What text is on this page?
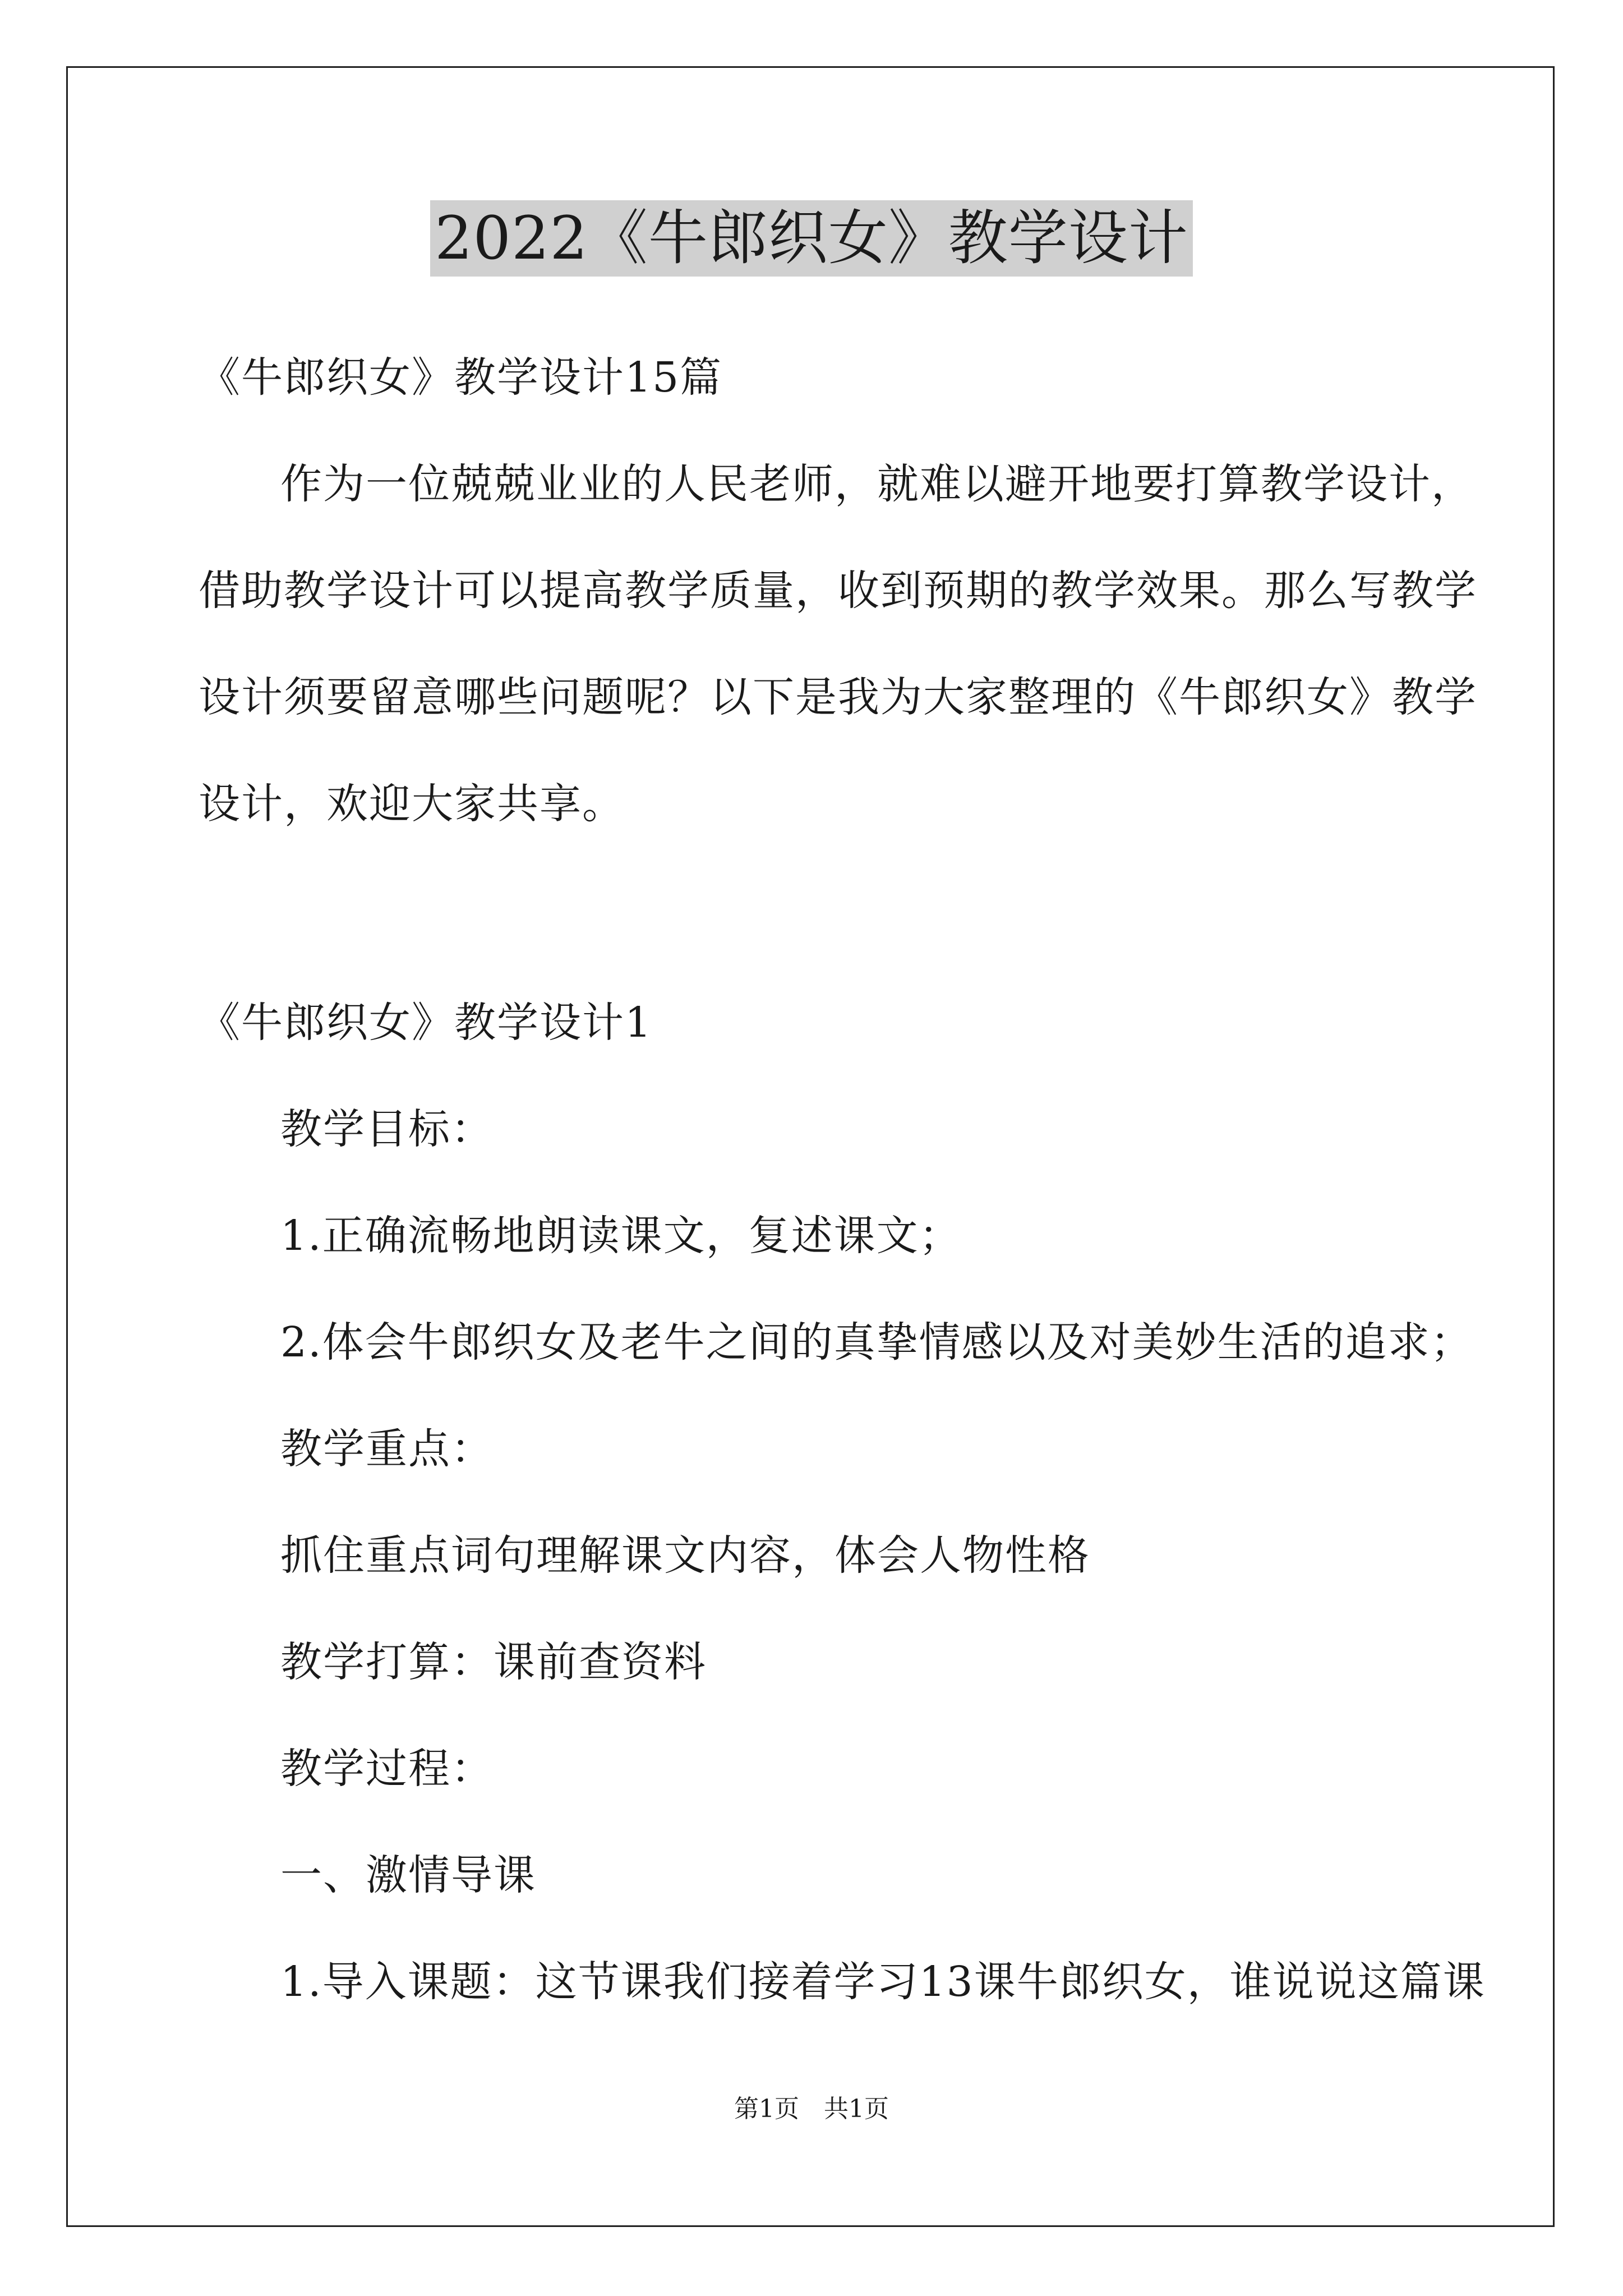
2022《牛郎织女》教学设计
《牛郎织女》教学设计15篇
作为一位兢兢业业的人民老师，就难以避开地要打算教学设计，
借助教学设计可以提高教学质量，收到预期的教学效果。那么写教学
设计须要留意哪些问题呢？以下是我为大家整理的《牛郎织女》教学
设计，欢迎大家共享。
《牛郎织女》教学设计1
教学目标：
1.正确流畅地朗读课文，复述课文；
2.体会牛郎织女及老牛之间的真挚情感以及对美妙生活的追求；
教学重点：
抓住重点词句理解课文内容，体会人物性格
教学打算：课前查资料
教学过程：
一、激情导课
1.导入课题：这节课我们接着学习13课牛郎织女，谁说说这篇课
第1页　共1页
